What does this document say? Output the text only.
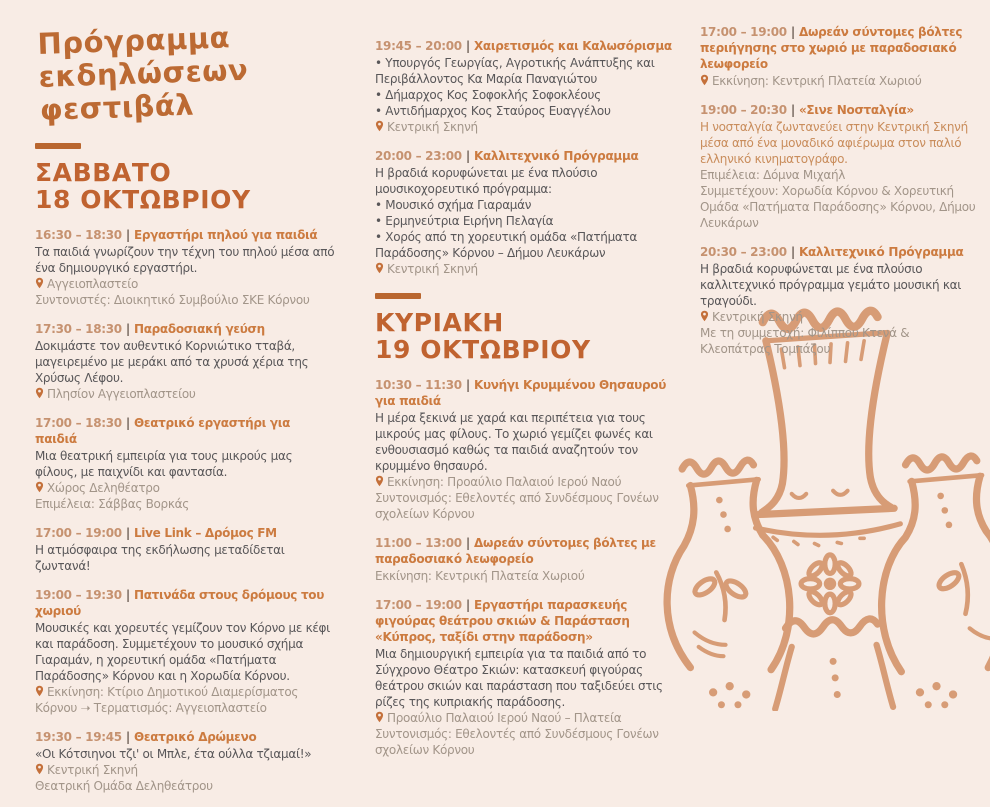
Πρόγραμμα
εκδηλώσεων
φεστιβάλ
ΣΑΒΒΑΤΟ
18 ΟΚΤΩΒΡΙΟΥ
16:30 – 18:30 | Εργαστήρι πηλού για παιδιά
Τα παιδιά γνωρίζουν την τέχνη του πηλού μέσα από ένα δημιουργικό εργαστήρι.
Αγγειοπλαστείο
Συντονιστές: Διοικητικό Συμβούλιο ΣΚΕ Κόρνου
17:30 – 18:30 | Παραδοσιακή γεύση
Δοκιμάστε τον αυθεντικό Κορνιώτικο τταβά, μαγειρεμένο με μεράκι από τα χρυσά χέρια της Χρύσως Λέφου.
Πλησίον Αγγειοπλαστείου
17:00 – 18:30 | Θεατρικό εργαστήρι για παιδιά
Μια θεατρική εμπειρία για τους μικρούς μας φίλους, με παιχνίδι και φαντασία.
Χώρος Δεληθέατρο
Επιμέλεια: Σάββας Βορκάς
17:00 – 19:00 | Live Link – Δρόμος FM
Η ατμόσφαιρα της εκδήλωσης μεταδίδεται ζωντανά!
19:00 – 19:30 | Πατινάδα στους δρόμους του χωριού
Μουσικές και χορευτές γεμίζουν τον Κόρνο με κέφι και παράδοση. Συμμετέχουν το μουσικό σχήμα Γιαραμάν, η χορευτική ομάδα «Πατήματα Παράδοσης» Κόρνου και η Χορωδία Κόρνου.
Εκκίνηση: Κτίριο Δημοτικού Διαμερίσματος Κόρνου ➝ Τερματισμός: Αγγειοπλαστείο
19:30 – 19:45 | Θεατρικό Δρώμενο
«Οι Κότσιηνοι τζι' οι Μπλε, έτα ούλλα τζιαμαί!»
Κεντρική Σκηνή
Θεατρική Ομάδα Δεληθεάτρου
19:45 – 20:00 | Χαιρετισμός και Καλωσόρισμα
• Υπουργός Γεωργίας, Αγροτικής Ανάπτυξης και Περιβάλλοντος Κα Μαρία Παναγιώτου
• Δήμαρχος Κος Σοφοκλής Σοφοκλέους
• Αντιδήμαρχος Κος Σταύρος Ευαγγέλου
Κεντρική Σκηνή
20:00 – 23:00 | Καλλιτεχνικό Πρόγραμμα
Η βραδιά κορυφώνεται με ένα πλούσιο μουσικοχορευτικό πρόγραμμα:
• Μουσικό σχήμα Γιαραμάν
• Ερμηνεύτρια Ειρήνη Πελαγία
• Χορός από τη χορευτική ομάδα «Πατήματα Παράδοσης» Κόρνου – Δήμου Λευκάρων
Κεντρική Σκηνή
ΚΥΡΙΑΚΗ
19 ΟΚΤΩΒΡΙΟΥ
10:30 – 11:30 | Κυνήγι Κρυμμένου Θησαυρού για παιδιά
Η μέρα ξεκινά με χαρά και περιπέτεια για τους μικρούς μας φίλους. Το χωριό γεμίζει φωνές και ενθουσιασμό καθώς τα παιδιά αναζητούν τον κρυμμένο θησαυρό.
Εκκίνηση: Προαύλιο Παλαιού Ιερού Ναού
Συντονισμός: Εθελοντές από Συνδέσμους Γονέων σχολείων Κόρνου
11:00 – 13:00 | Δωρεάν σύντομες βόλτες με παραδοσιακό λεωφορείο
Εκκίνηση: Κεντρική Πλατεία Χωριού
17:00 – 19:00 | Εργαστήρι παρασκευής φιγούρας θεάτρου σκιών & Παράσταση «Κύπρος, ταξίδι στην παράδοση»
Μια δημιουργική εμπειρία για τα παιδιά από το Σύγχρονο Θέατρο Σκιών: κατασκευή φιγούρας θεάτρου σκιών και παράσταση που ταξιδεύει στις ρίζες της κυπριακής παράδοσης.
Προαύλιο Παλαιού Ιερού Ναού – Πλατεία
Συντονισμός: Εθελοντές από Συνδέσμους Γονέων σχολείων Κόρνου
17:00 – 19:00 | Δωρεάν σύντομες βόλτες περιήγησης στο χωριό με παραδοσιακό λεωφορείο
Εκκίνηση: Κεντρική Πλατεία Χωριού
19:00 – 20:30 | «Σινε Νοσταλγία»
Η νοσταλγία ζωντανεύει στην Κεντρική Σκηνή μέσα από ένα μοναδικό αφιέρωμα στον παλιό ελληνικό κινηματογράφο.
Επιμέλεια: Δόμνα Μιχαήλ
Συμμετέχουν: Χορωδία Κόρνου & Χορευτική Ομάδα «Πατήματα Παράδοσης» Κόρνου, Δήμου Λευκάρων
20:30 – 23:00 | Καλλιτεχνικό Πρόγραμμα
Η βραδιά κορυφώνεται με ένα πλούσιο καλλιτεχνικό πρόγραμμα γεμάτο μουσική και τραγούδι.
Κεντρική Σκηνή
Με τη συμμετοχή: Φιλίππου Κτενά & Κλεοπάτρας Τομπάζου
